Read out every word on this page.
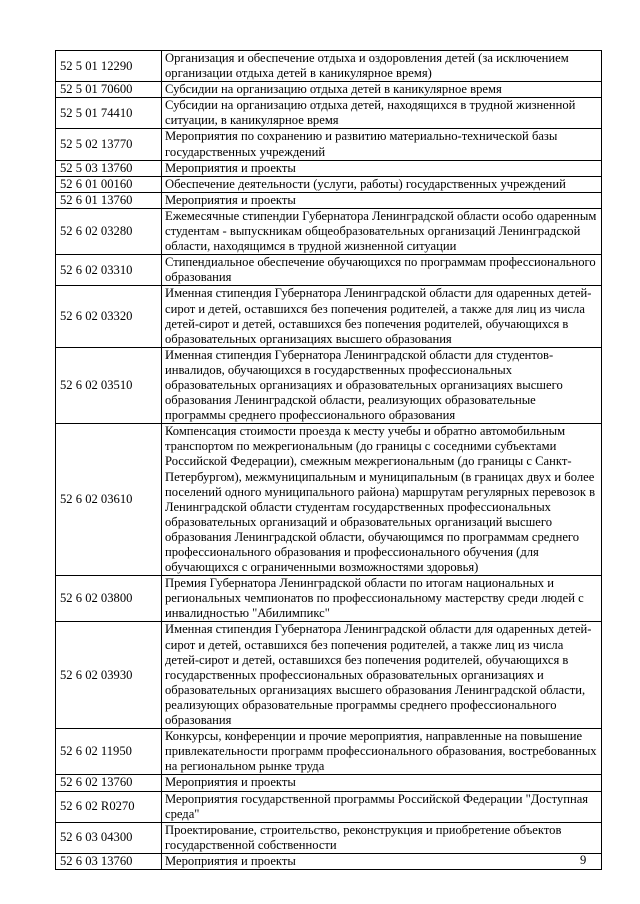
52 5 01 12290	Организация и обеспечение отдыха и оздоровления детей (за исключением организации отдыха детей в каникулярное время)
52 5 01 70600	Субсидии на организацию отдыха детей в каникулярное время
52 5 01 74410	Субсидии на организацию отдыха детей, находящихся в трудной жизненной ситуации, в каникулярное время
52 5 02 13770	Мероприятия по сохранению и развитию материально-технической базы государственных учреждений
52 5 03 13760	Мероприятия и проекты
52 6 01 00160	Обеспечение деятельности (услуги, работы) государственных учреждений
52 6 01 13760	Мероприятия и проекты
52 6 02 03280	Ежемесячные стипендии Губернатора Ленинградской области особо одаренным студентам - выпускникам общеобразовательных организаций Ленинградской области, находящимся в трудной жизненной ситуации
52 6 02 03310	Стипендиальное обеспечение обучающихся по программам профессионального образования
52 6 02 03320	Именная стипендия Губернатора Ленинградской области для одаренных детей-сирот и детей, оставшихся без попечения родителей, а также для лиц из числа детей-сирот и детей, оставшихся без попечения родителей, обучающихся в образовательных организациях высшего образования
52 6 02 03510	Именная стипендия Губернатора Ленинградской области для студентов-инвалидов, обучающихся в государственных профессиональных образовательных организациях и образовательных организациях высшего образования Ленинградской области, реализующих образовательные программы среднего профессионального образования
52 6 02 03610	Компенсация стоимости проезда к месту учебы и обратно автомобильным транспортом по межрегиональным (до границы с соседними субъектами Российской Федерации), смежным межрегиональным (до границы с Санкт-Петербургом), межмуниципальным и муниципальным (в границах двух и более поселений одного муниципального района) маршрутам регулярных перевозок в Ленинградской области студентам государственных профессиональных образовательных организаций и образовательных организаций высшего образования Ленинградской области, обучающимся по программам среднего профессионального образования и профессионального обучения (для обучающихся с ограниченными возможностями здоровья)
52 6 02 03800	Премия Губернатора Ленинградской области по итогам национальных и региональных чемпионатов по профессиональному мастерству среди людей с инвалидностью "Абилимпикс"
52 6 02 03930	Именная стипендия Губернатора Ленинградской области для одаренных детей-сирот и детей, оставшихся без попечения родителей, а также лиц из числа детей-сирот и детей, оставшихся без попечения родителей, обучающихся в государственных профессиональных образовательных организациях и образовательных организациях высшего образования Ленинградской области, реализующих образовательные программы среднего профессионального образования
52 6 02 11950	Конкурсы, конференции и прочие мероприятия, направленные на повышение привлекательности программ профессионального образования, востребованных на региональном рынке труда
52 6 02 13760	Мероприятия и проекты
52 6 02 R0270	Мероприятия государственной программы Российской Федерации "Доступная среда"
52 6 03 04300	Проектирование, строительство, реконструкция и приобретение объектов государственной собственности
52 6 03 13760	Мероприятия и проекты	9
